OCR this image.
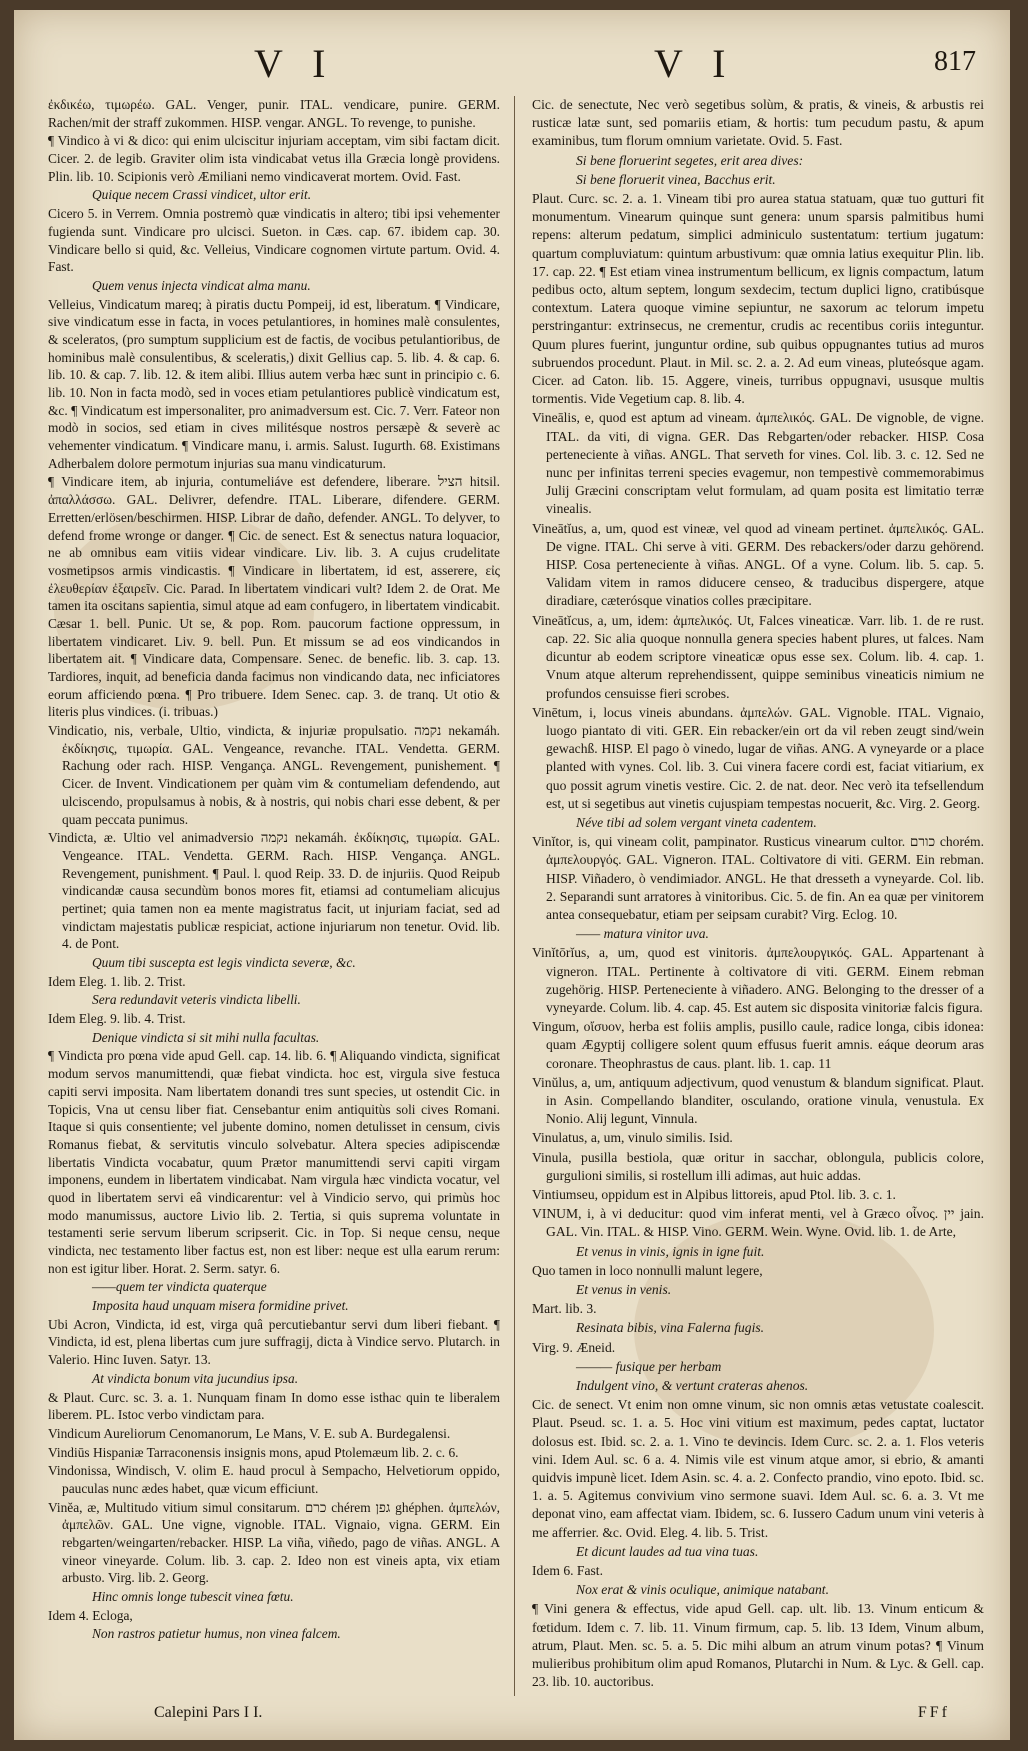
V I	V I	817

ἐκδικέω, τιμωρέω. GAL. Venger, punir. ITAL. vendicare, punire. GERM. Rachen/mit der straff zukommen. HISP. vengar. ANGL. To revenge, to punishe.

¶ Vindico à vi & dico: qui enim ulciscitur injuriam acceptam, vim sibi factam dicit. Cicer. 2. de legib. Graviter olim ista vindicabat vetus illa Græcia longè providens. Plin. lib. 10. Scipionis verò Æmiliani nemo vindicaverat mortem. Ovid. Fast.

Quique necem Crassi vindicet, ultor erit.

Cicero 5. in Verrem. Omnia postremò quæ vindicatis in altero; tibi ipsi vehementer fugienda sunt. Vindicare pro ulcisci. Sueton. in Cæs. cap. 67. ibidem cap. 30. Vindicare bello si quid, &c. Velleius, Vindicare cognomen virtute partum. Ovid. 4. Fast.

Quem venus injecta vindicat alma manu.

Velleius, Vindicatum mareq; à piratis ductu Pompeij, id est, liberatum. ¶ Vindicare, sive vindicatum esse in facta, in voces petulantiores, in homines malè consulentes, & sceleratos, (pro sumptum supplicium est de factis, de vocibus petulantioribus, de hominibus malè consulentibus, & sceleratis,) dixit Gellius cap. 5. lib. 4. & cap. 6. lib. 10. & cap. 7. lib. 12. & item alibi. Illius autem verba hæc sunt in principio c. 6. lib. 10. Non in facta modò, sed in voces etiam petulantiores publicè vindicatum est, &c. ¶ Vindicatum est impersonaliter, pro animadversum est. Cic. 7. Verr. Fateor non modò in socios, sed etiam in cives militésque nostros persæpè & severè ac vehementer vindicatum. ¶ Vindicare manu, i. armis. Salust. Iugurth. 68. Existimans Adherbalem dolore permotum injurias sua manu vindicaturum.

¶ Vindicare item, ab injuria, contumeliáve est defendere, liberare. הציל hitsil. ἀπαλλάσσω. GAL. Delivrer, defendre. ITAL. Liberare, difendere. GERM. Erretten/erlösen/beschirmen. HISP. Librar de daño, defender. ANGL. To delyver, to defend frome wronge or danger. ¶ Cic. de senect. Est & senectus natura loquacior, ne ab omnibus eam vitiis videar vindicare. Liv. lib. 3. A cujus crudelitate vosmetipsos armis vindicastis. ¶ Vindicare in libertatem, id est, asserere, εἰς ἐλευθερίαν ἐξαιρεῖν. Cic. Parad. In libertatem vindicari vult? Idem 2. de Orat. Me tamen ita oscitans sapientia, simul atque ad eam confugero, in libertatem vindicabit. Cæsar 1. bell. Punic. Ut se, & pop. Rom. paucorum factione oppressum, in libertatem vindicaret. Liv. 9. bell. Pun. Et missum se ad eos vindicandos in libertatem ait. ¶ Vindicare data, Compensare. Senec. de benefic. lib. 3. cap. 13. Tardiores, inquit, ad beneficia danda facimus non vindicando data, nec inficiatores eorum afficiendo pœna. ¶ Pro tribuere. Idem Senec. cap. 3. de tranq. Ut otio & literis plus vindices. (i. tribuas.)

Vindicatio, nis, verbale, Ultio, vindicta, & injuriæ propulsatio. נקמה nekamáh. ἐκδίκησις, τιμωρία. GAL. Vengeance, revanche. ITAL. Vendetta. GERM. Rachung oder rach. HISP. Vengança. ANGL. Revengement, punishement. ¶ Cicer. de Invent. Vindicationem per quàm vim & contumeliam defendendo, aut ulciscendo, propulsamus à nobis, & à nostris, qui nobis chari esse debent, & per quam peccata punimus.

Vindicta, æ. Ultio vel animadversio נקמה nekamáh. ἐκδίκησις, τιμωρία. GAL. Vengeance. ITAL. Vendetta. GERM. Rach. HISP. Vengança. ANGL. Revengement, punishment. ¶ Paul. l. quod Reip. 33. D. de injuriis. Quod Reipub vindicandæ causa secundùm bonos mores fit, etiamsi ad contumeliam alicujus pertinet; quia tamen non ea mente magistratus facit, ut injuriam faciat, sed ad vindictam majestatis publicæ respiciat, actione injuriarum non tenetur. Ovid. lib. 4. de Pont.

Quum tibi suscepta est legis vindicta severæ, &c.

Idem Eleg. 1. lib. 2. Trist.

Sera redundavit veteris vindicta libelli.

Idem Eleg. 9. lib. 4. Trist.

Denique vindicta si sit mihi nulla facultas.

¶ Vindicta pro pœna vide apud Gell. cap. 14. lib. 6. ¶ Aliquando vindicta, significat modum servos manumittendi, quæ fiebat vindicta. hoc est, virgula sive festuca capiti servi imposita. Nam libertatem donandi tres sunt species, ut ostendit Cic. in Topicis, Vna ut censu liber fiat. Censebantur enim antiquitùs soli cives Romani. Itaque si quis consentiente; vel jubente domino, nomen detulisset in censum, civis Romanus fiebat, & servitutis vinculo solvebatur. Altera species adipiscendæ libertatis Vindicta vocabatur, quum Prætor manumittendi servi capiti virgam imponens, eundem in libertatem vindicabat. Nam virgula hæc vindicta vocatur, vel quod in libertatem servi eâ vindicarentur: vel à Vindicio servo, qui primùs hoc modo manumissus, auctore Livio lib. 2. Tertia, si quis suprema voluntate in testamenti serie servum liberum scripserit. Cic. in Top. Si neque censu, neque vindicta, nec testamento liber factus est, non est liber: neque est ulla earum rerum: non est igitur liber. Horat. 2. Serm. satyr. 6.

——quem ter vindicta quaterque

Imposita haud unquam misera formidine privet.

Ubi Acron, Vindicta, id est, virga quâ percutiebantur servi dum liberi fiebant. ¶ Vindicta, id est, plena libertas cum jure suffragij, dicta à Vindice servo. Plutarch. in Valerio. Hinc Iuven. Satyr. 13.

At vindicta bonum vita jucundius ipsa.

& Plaut. Curc. sc. 3. a. 1. Nunquam finam In domo esse isthac quin te liberalem liberem. PL. Istoc verbo vindictam para.

Vindicum Aureliorum Cenomanorum, Le Mans, V. E. sub A. Burdegalensi.

Vindiūs Hispaniæ Tarraconensis insignis mons, apud Ptolemæum lib. 2. c. 6.

Vindonissa, Windisch, V. olim E. haud procul à Sempacho, Helvetiorum oppido, pauculas nunc ædes habet, quæ vicum efficiunt.

Vinĕa, æ, Multitudo vitium simul consitarum. כרם chérem גפן ghéphen. ἀμπελών, ἀμπελῶν. GAL. Une vigne, vignoble. ITAL. Vignaio, vigna. GERM. Ein rebgarten/weingarten/rebacker. HISP. La viña, viñedo, pago de viñas. ANGL. A vineor vineyarde. Colum. lib. 3. cap. 2. Ideo non est vineis apta, vix etiam arbusto. Virg. lib. 2. Georg.

Hinc omnis longe tubescit vinea fœtu.

Idem 4. Ecloga,

Non rastros patietur humus, non vinea falcem.

Cic. de senectute, Nec verò segetibus solùm, & pratis, & vineis, & arbustis rei rusticæ latæ sunt, sed pomariis etiam, & hortis: tum pecudum pastu, & apum examinibus, tum florum omnium varietate. Ovid. 5. Fast.

Si bene floruerint segetes, erit area dives:

Si bene floruerit vinea, Bacchus erit.

Plaut. Curc. sc. 2. a. 1. Vineam tibi pro aurea statua statuam, quæ tuo gutturi fit monumentum. Vinearum quinque sunt genera: unum sparsis palmitibus humi repens: alterum pedatum, simplici adminiculo sustentatum: tertium jugatum: quartum compluviatum: quintum arbustivum: quæ omnia latius exequitur Plin. lib. 17. cap. 22. ¶ Est etiam vinea instrumentum bellicum, ex lignis compactum, latum pedibus octo, altum septem, longum sexdecim, tectum duplici ligno, cratibúsque contextum. Latera quoque vimine sepiuntur, ne saxorum ac telorum impetu perstringantur: extrinsecus, ne crementur, crudis ac recentibus coriis integuntur. Quum plures fuerint, junguntur ordine, sub quibus oppugnantes tutius ad muros subruendos procedunt. Plaut. in Mil. sc. 2. a. 2. Ad eum vineas, pluteósque agam. Cicer. ad Caton. lib. 15. Aggere, vineis, turribus oppugnavi, ususque multis tormentis. Vide Vegetium cap. 8. lib. 4.

Vineālis, e, quod est aptum ad vineam. ἀμπελικός. GAL. De vignoble, de vigne. ITAL. da viti, di vigna. GER. Das Rebgarten/oder rebacker. HISP. Cosa perteneciente à viñas. ANGL. That serveth for vines. Col. lib. 3. c. 12. Sed ne nunc per infinitas terreni species evagemur, non tempestivè commemorabimus Julij Græcini conscriptam velut formulam, ad quam posita est limitatio terræ vinealis.

Vineātĭus, a, um, quod est vineæ, vel quod ad vineam pertinet. ἀμπελικός. GAL. De vigne. ITAL. Chi serve à viti. GERM. Des rebackers/oder darzu gehörend. HISP. Cosa perteneciente à viñas. ANGL. Of a vyne. Colum. lib. 5. cap. 5. Validam vitem in ramos diducere censeo, & traducibus dispergere, atque diradiare, cæterósque vinatios colles præcipitare.

Vineātĭcus, a, um, idem: ἀμπελικός. Ut, Falces vineaticæ. Varr. lib. 1. de re rust. cap. 22. Sic alia quoque nonnulla genera species habent plures, ut falces. Nam dicuntur ab eodem scriptore vineaticæ opus esse sex. Colum. lib. 4. cap. 1. Vnum atque alterum reprehendissent, quippe seminibus vineaticis nimium ne profundos censuisse fieri scrobes.

Vinētum, i, locus vineis abundans. ἀμπελών. GAL. Vignoble. ITAL. Vignaio, luogo piantato di viti. GER. Ein rebacker/ein ort da vil reben zeugt sind/wein gewachß. HISP. El pago ò vinedo, lugar de viñas. ANG. A vyneyarde or a place planted with vynes. Col. lib. 3. Cui vinera facere cordi est, faciat vitiarium, ex quo possit agrum vinetis vestire. Cic. 2. de nat. deor. Nec verò ita tefsellendum est, ut si segetibus aut vinetis cujuspiam tempestas nocuerit, &c. Virg. 2. Georg.

Néve tibi ad solem vergant vineta cadentem.

Vinĭtor, is, qui vineam colit, pampinator. Rusticus vinearum cultor. כורם chorém. ἀμπελουργός. GAL. Vigneron. ITAL. Coltivatore di viti. GERM. Ein rebman. HISP. Viñadero, ò vendimiador. ANGL. He that dresseth a vyneyarde. Col. lib. 2. Separandi sunt arratores à vinitoribus. Cic. 5. de fin. An ea quæ per vinitorem antea consequebatur, etiam per seipsam curabit? Virg. Eclog. 10.

—— matura vinitor uva.

Vinĭtōrĭus, a, um, quod est vinitoris. ἀμπελουργικός. GAL. Appartenant à vigneron. ITAL. Pertinente à coltivatore di viti. GERM. Einem rebman zugehörig. HISP. Perteneciente à viñadero. ANG. Belonging to the dresser of a vyneyarde. Colum. lib. 4. cap. 45. Est autem sic disposita vinitoriæ falcis figura.

Vingum, οἴσυον, herba est foliis amplis, pusillo caule, radice longa, cibis idonea: quam Ægyptij colligere solent quum effusus fuerit amnis. eáque deorum aras coronare. Theophrastus de caus. plant. lib. 1. cap. 11

Vinŭlus, a, um, antiquum adjectivum, quod venustum & blandum significat. Plaut. in Asin. Compellando blanditer, osculando, oratione vinula, venustula. Ex Nonio. Alij legunt, Vinnula.

Vinulatus, a, um, vinulo similis. Isid.

Vinula, pusilla bestiola, quæ oritur in sacchar, oblongula, publicis colore, gurgulioni similis, si rostellum illi adimas, aut huic addas.

Vintiumseu, oppidum est in Alpibus littoreis, apud Ptol. lib. 3. c. 1.

VINUM, i, à vi deducitur: quod vim inferat menti, vel à Græco οἶνος. יין jain. GAL. Vin. ITAL. & HISP. Vino. GERM. Wein. Wyne. Ovid. lib. 1. de Arte,

Et venus in vinis, ignis in igne fuit.

Quo tamen in loco nonnulli malunt legere,

Et venus in venis.

Mart. lib. 3.

Resinata bibis, vina Falerna fugis.

Virg. 9. Æneid.

——— fusique per herbam

Indulgent vino, & vertunt crateras ahenos.

Cic. de senect. Vt enim non omne vinum, sic non omnis ætas vetustate coalescit. Plaut. Pseud. sc. 1. a. 5. Hoc vini vitium est maximum, pedes captat, luctator dolosus est. Ibid. sc. 2. a. 1. Vino te devincis. Idem Curc. sc. 2. a. 1. Flos veteris vini. Idem Aul. sc. 6 a. 4. Nimis vile est vinum atque amor, si ebrio, & amanti quidvis impunè licet. Idem Asin. sc. 4. a. 2. Confecto prandio, vino epoto. Ibid. sc. 1. a. 5. Agitemus convivium vino sermone suavi. Idem Aul. sc. 6. a. 3. Vt me deponat vino, eam affectat viam. Ibidem, sc. 6. Iussero Cadum unum vini veteris à me afferrier. &c. Ovid. Eleg. 4. lib. 5. Trist.

Et dicunt laudes ad tua vina tuas.

Idem 6. Fast.

Nox erat & vinis oculique, animique natabant.

¶ Vini genera & effectus, vide apud Gell. cap. ult. lib. 13. Vinum enticum & fœtidum. Idem c. 7. lib. 11. Vinum firmum, cap. 5. lib. 13 Idem, Vinum album, atrum, Plaut. Men. sc. 5. a. 5. Dic mihi album an atrum vinum potas? ¶ Vinum mulieribus prohibitum olim apud Romanos, Plutarchi in Num. & Lyc. & Gell. cap. 23. lib. 10. auctoribus.

Calepini Pars I I.	FFf
